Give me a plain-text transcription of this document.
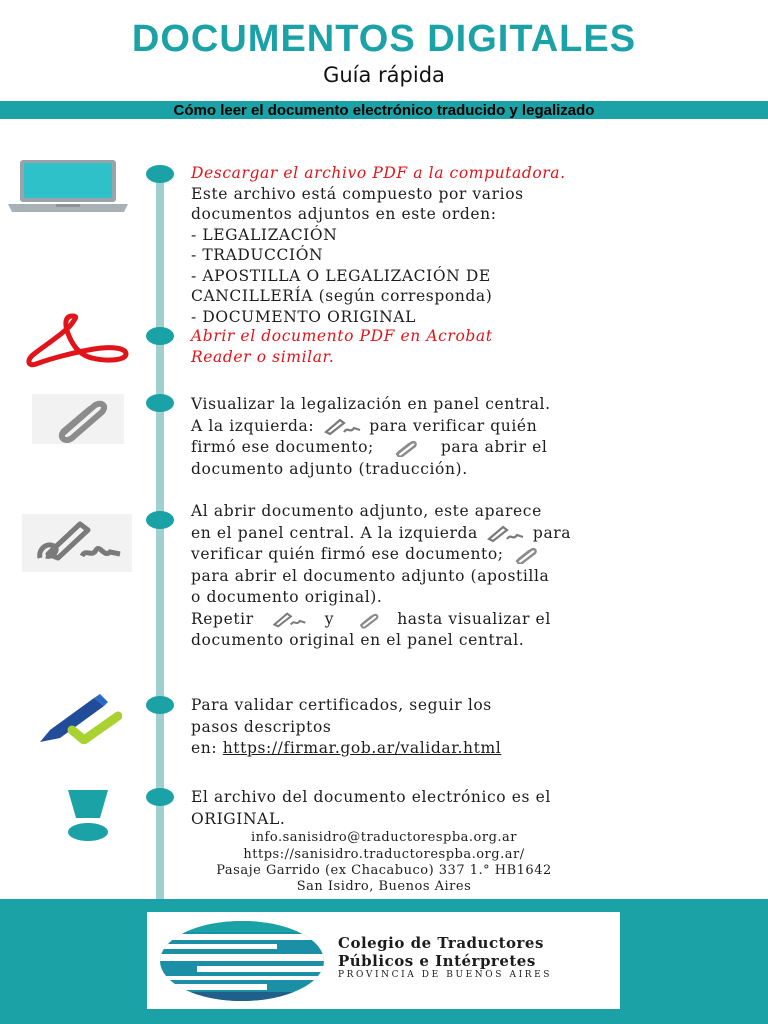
DOCUMENTOS DIGITALES
Guía rápida
Cómo leer el documento electrónico traducido y legalizado
Descargar el archivo PDF a la computadora.
Este archivo está compuesto por varios
documentos adjuntos en este orden:
- LEGALIZACIÓN
- TRADUCCIÓN
- APOSTILLA O LEGALIZACIÓN DE
CANCILLERÍA (según corresponda)
- DOCUMENTO ORIGINAL
Abrir el documento PDF en Acrobat
Reader o similar.
Visualizar la legalización en panel central.
A la izquierda:	para verificar quién
firmó ese documento;	para abrir el
documento adjunto (traducción).
Al abrir documento adjunto, este aparece
en el panel central. A la izquierda	para
verificar quién firmó ese documento;
para abrir el documento adjunto (apostilla
o documento original).
Repetir	y	hasta visualizar el
documento original en el panel central.
Para validar certificados, seguir los
pasos descriptos
en: https://firmar.gob.ar/validar.html
El archivo del documento electrónico es el
ORIGINAL.
info.sanisidro@traductorespba.org.ar
https://sanisidro.traductorespba.org.ar/
Pasaje Garrido (ex Chacabuco) 337 1.° HB1642
San Isidro, Buenos Aires
Colegio de Traductores
Públicos e Intérpretes
PROVINCIA DE BUENOS AIRES
